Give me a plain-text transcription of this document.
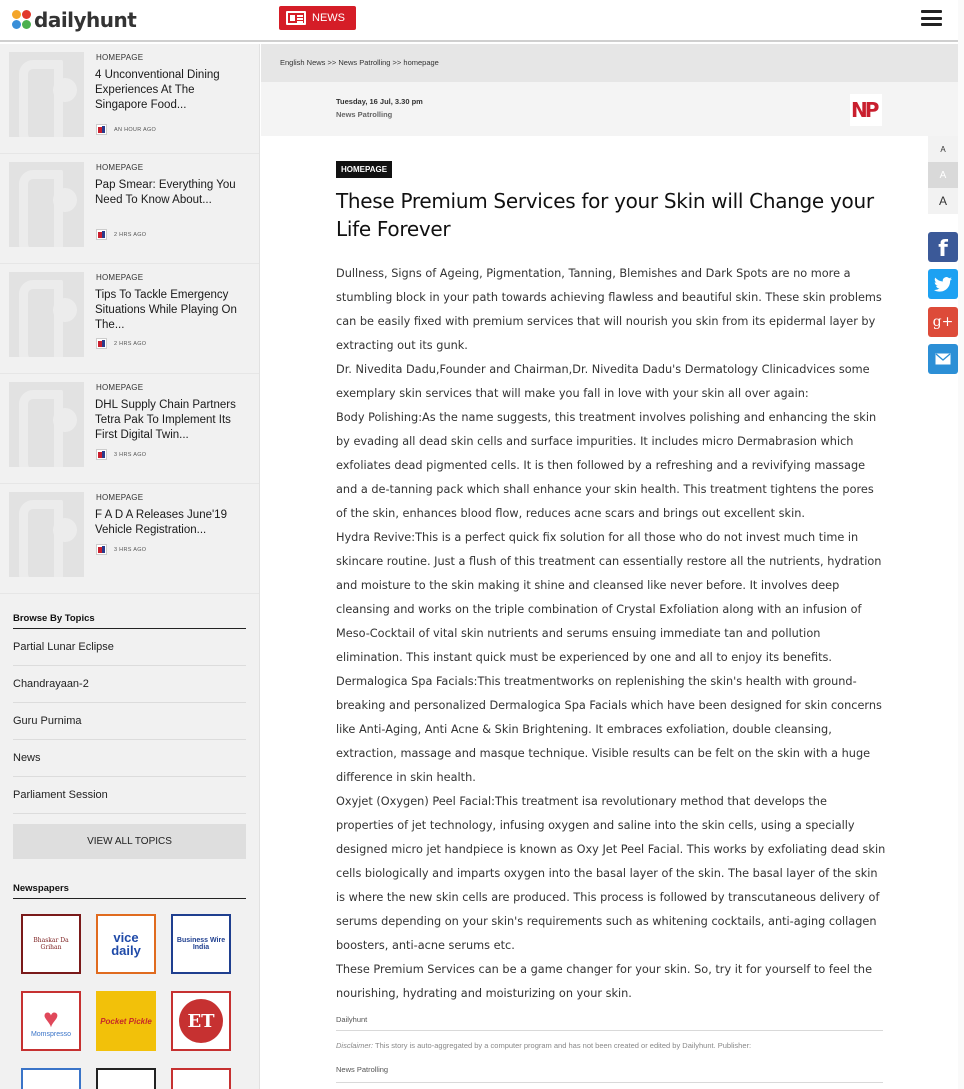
dailyhunt	NEWS
HOMEPAGE
4 Unconventional Dining Experiences At The Singapore Food...
AN HOUR AGO
HOMEPAGE
Pap Smear: Everything You Need To Know About...
2 HRS AGO
HOMEPAGE
Tips To Tackle Emergency Situations While Playing On The...
2 HRS AGO
HOMEPAGE
DHL Supply Chain Partners Tetra Pak To Implement Its First Digital Twin...
3 HRS AGO
HOMEPAGE
F A D A Releases June'19 Vehicle Registration...
3 HRS AGO
Browse By Topics
Partial Lunar Eclipse
Chandrayaan-2
Guru Purnima
News
Parliament Session
VIEW ALL TOPICS
Newspapers
Bhaskar Da Grihan
vice daily
Business Wire India
♥
Momspresso
Pocket Pickle ET
English News >> News Patrolling >> homepage
Tuesday, 16 Jul, 3.30 pm
News Patrolling	NP
HOMEPAGE
These Premium Services for your Skin will Change your Life Forever

Dullness, Signs of Ageing, Pigmentation, Tanning, Blemishes and Dark Spots are no more a stumbling block in your path towards achieving flawless and beautiful skin. These skin problems can be easily fixed with premium services that will nourish you skin from its epidermal layer by extracting out its gunk.

Dr. Nivedita Dadu,Founder and Chairman,Dr. Nivedita Dadu's Dermatology Clinicadvices some exemplary skin services that will make you fall in love with your skin all over again:

Body Polishing:As the name suggests, this treatment involves polishing and enhancing the skin by evading all dead skin cells and surface impurities. It includes micro Dermabrasion which exfoliates dead pigmented cells. It is then followed by a refreshing and a revivifying massage and a de-tanning pack which shall enhance your skin health. This treatment tightens the pores of the skin, enhances blood flow, reduces acne scars and brings out excellent skin.

Hydra Revive:This is a perfect quick fix solution for all those who do not invest much time in skincare routine. Just a flush of this treatment can essentially restore all the nutrients, hydration and moisture to the skin making it shine and cleansed like never before. It involves deep cleansing and works on the triple combination of Crystal Exfoliation along with an infusion of Meso-Cocktail of vital skin nutrients and serums ensuing immediate tan and pollution elimination. This instant quick must be experienced by one and all to enjoy its benefits.

Dermalogica Spa Facials:This treatmentworks on replenishing the skin's health with ground-breaking and personalized Dermalogica Spa Facials which have been designed for skin concerns like Anti-Aging, Anti Acne & Skin Brightening. It embraces exfoliation, double cleansing, extraction, massage and masque technique. Visible results can be felt on the skin with a huge difference in skin health.

Oxyjet (Oxygen) Peel Facial:This treatment isa revolutionary method that develops the properties of jet technology, infusing oxygen and saline into the skin cells, using a specially designed micro jet handpiece is known as Oxy Jet Peel Facial. This works by exfoliating dead skin cells biologically and imparts oxygen into the basal layer of the skin. The basal layer of the skin is where the new skin cells are produced. This process is followed by transcutaneous delivery of serums depending on your skin's requirements such as whitening cocktails, anti-aging collagen boosters, anti-acne serums etc.

These Premium Services can be a game changer for your skin. So, try it for yourself to feel the nourishing, hydrating and moisturizing on your skin.

Dailyhunt
Disclaimer: This story is auto-aggregated by a computer program and has not been created or edited by Dailyhunt. Publisher:
News Patrolling
A
A
A
f
g+
